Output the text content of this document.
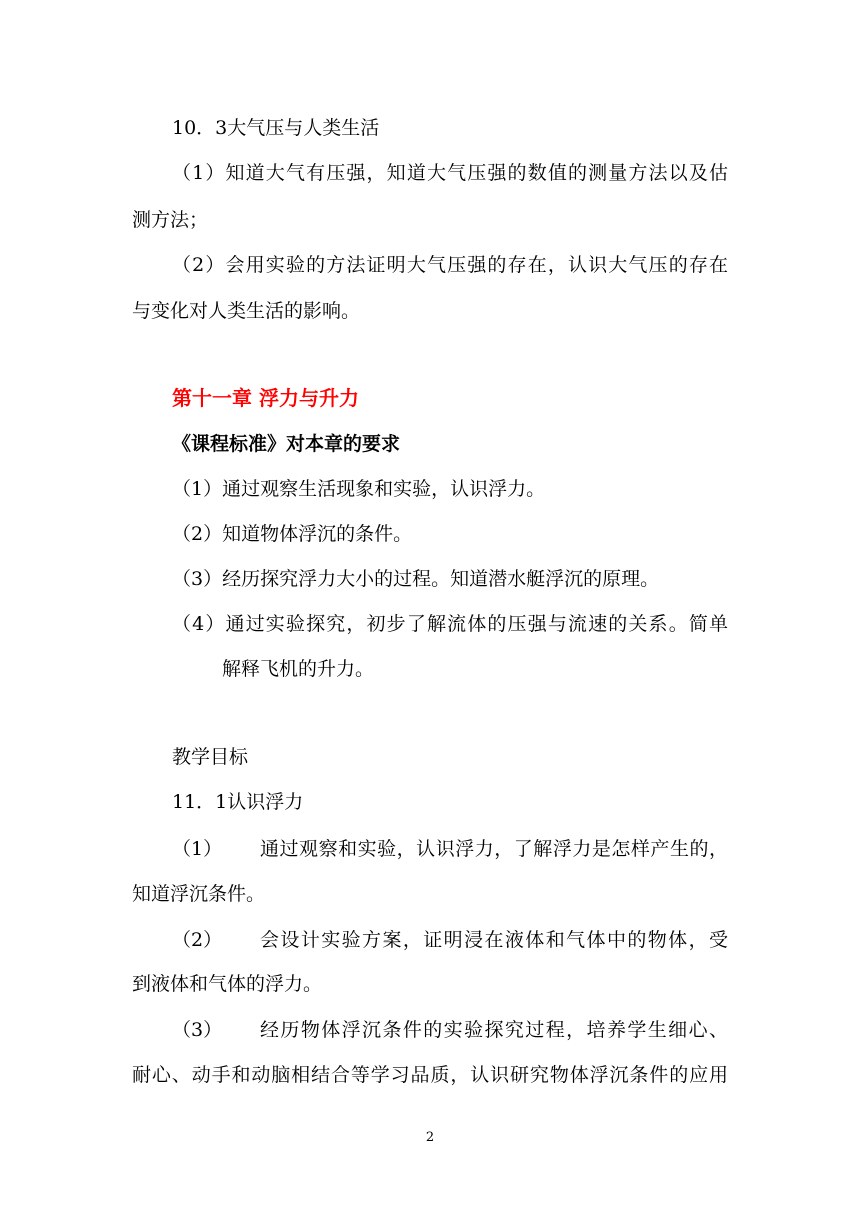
10．3大气压与人类生活
（1）知道大气有压强，知道大气压强的数值的测量方法以及估
测方法；
（2）会用实验的方法证明大气压强的存在，认识大气压的存在
与变化对人类生活的影响。
第十一章 浮力与升力
《课程标准》对本章的要求
（1）通过观察生活现象和实验，认识浮力。
（2）知道物体浮沉的条件。
（3）经历探究浮力大小的过程。知道潜水艇浮沉的原理。
（4）通过实验探究，初步了解流体的压强与流速的关系。简单
解释飞机的升力。
教学目标
11．1认识浮力
（1）	通过观察和实验，认识浮力，了解浮力是怎样产生的，
知道浮沉条件。
（2）	会设计实验方案，证明浸在液体和气体中的物体，受
到液体和气体的浮力。
（3）	经历物体浮沉条件的实验探究过程，培养学生细心、
耐心、动手和动脑相结合等学习品质，认识研究物体浮沉条件的应用
2
